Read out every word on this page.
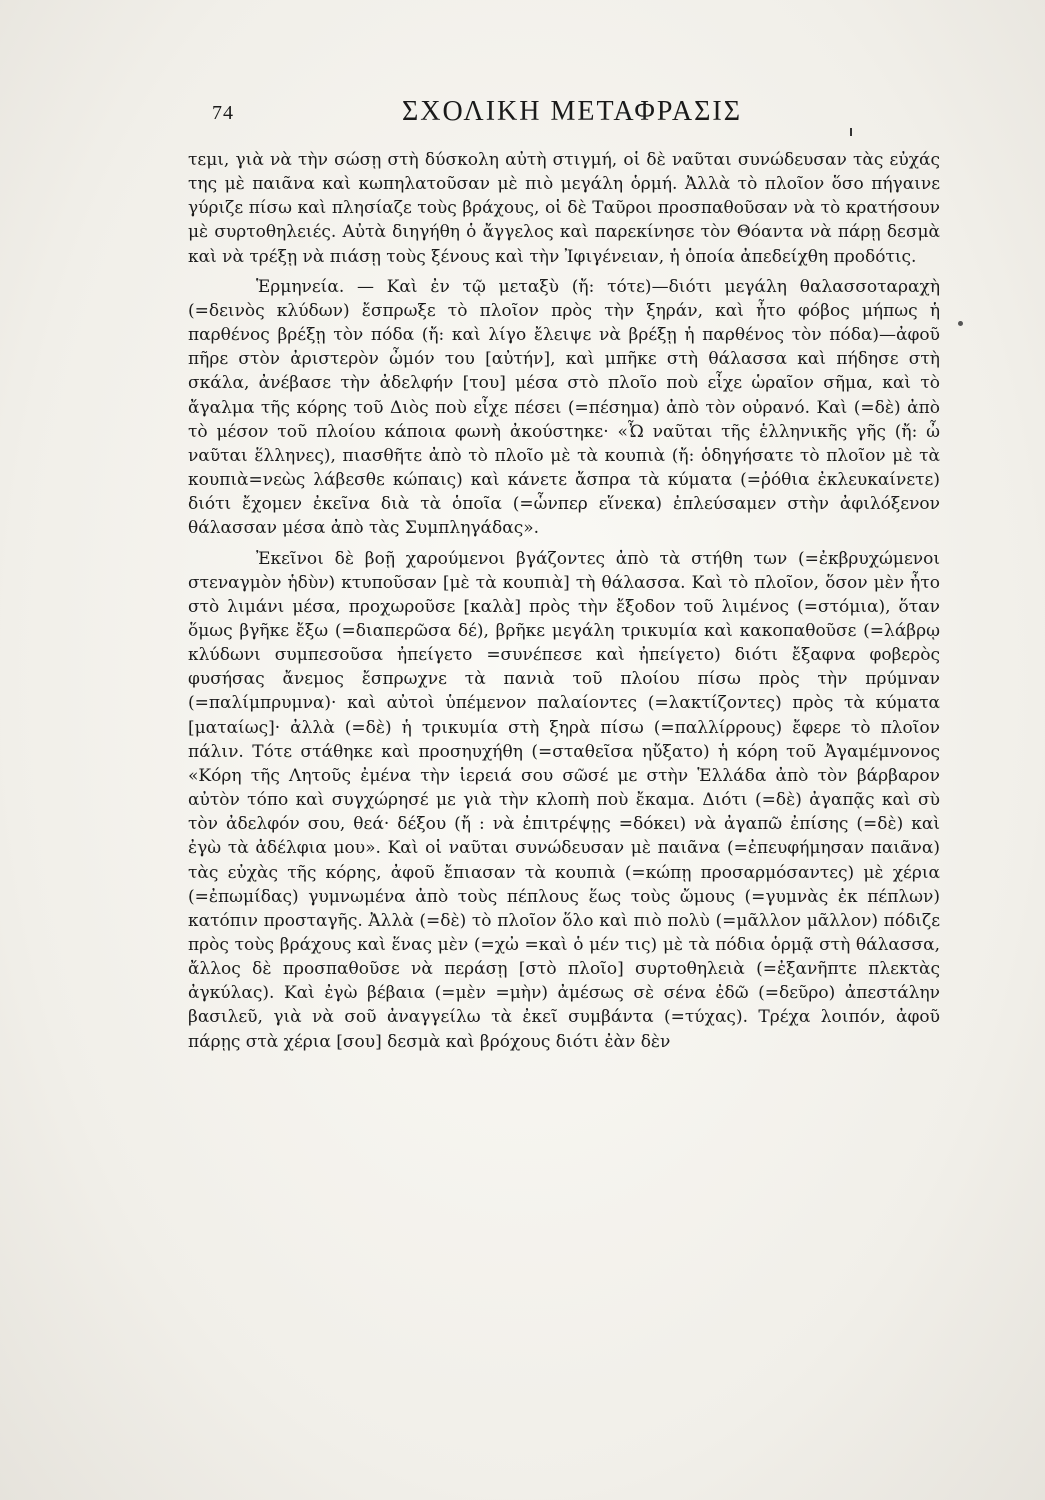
74	ΣΧΟΛΙΚΗ ΜΕΤΑΦΡΑΣΙΣ

τεμι, γιὰ νὰ τὴν σώσῃ στὴ δύσκολη αὐτὴ στιγμή, οἱ δὲ ναῦται συνώδευσαν τὰς εὐχάς της μὲ παιᾶνα καὶ κωπηλατοῦσαν μὲ πιὸ μεγάλη ὁρμή. Ἀλλὰ τὸ πλοῖον ὅσο πήγαινε γύριζε πίσω καὶ πλησίαζε τοὺς βράχους, οἱ δὲ Ταῦροι προσπαθοῦσαν νὰ τὸ κρατήσουν μὲ συρτοθηλειές. Αὐτὰ διηγήθη ὁ ἄγγελος καὶ παρεκίνησε τὸν Θόαντα νὰ πάρῃ δεσμὰ καὶ νὰ τρέξῃ νὰ πιάσῃ τοὺς ξένους καὶ τὴν Ἰφιγένειαν, ἡ ὁποία ἀπεδείχθη προδότις.

Ἑρμηνεία. — Καὶ ἐν τῷ μεταξὺ (ἤ: τότε)—διότι μεγάλη θαλασσοταραχὴ (=δεινὸς κλύδων) ἔσπρωξε τὸ πλοῖον πρὸς τὴν ξηράν, καὶ ἦτο φόβος μήπως ἡ παρθένος βρέξῃ τὸν πόδα (ἤ: καὶ λίγο ἔλειψε νὰ βρέξῃ ἡ παρθένος τὸν πόδα)—ἀφοῦ πῆρε στὸν ἀριστερὸν ὦμόν του [αὐτήν], καὶ μπῆκε στὴ θάλασσα καὶ πήδησε στὴ σκάλα, ἀνέβασε τὴν ἀδελφήν [του] μέσα στὸ πλοῖο ποὺ εἶχε ὡραῖον σῆμα, καὶ τὸ ἄγαλμα τῆς κόρης τοῦ Διὸς ποὺ εἶχε πέσει (=πέσημα) ἀπὸ τὸν οὐρανό. Καὶ (=δὲ) ἀπὸ τὸ μέσον τοῦ πλοίου κάποια φωνὴ ἀκούστηκε· «Ὦ ναῦται τῆς ἑλληνικῆς γῆς (ἤ: ὦ ναῦται ἕλληνες), πιασθῆτε ἀπὸ τὸ πλοῖο μὲ τὰ κουπιὰ (ἤ: ὁδηγήσατε τὸ πλοῖον μὲ τὰ κουπιὰ=νεὼς λάβεσθε κώπαις) καὶ κάνετε ἄσπρα τὰ κύματα (=ῥόθια ἐκλευκαίνετε) διότι ἔχομεν ἐκεῖνα διὰ τὰ ὁποῖα (=ὧνπερ εἵνεκα) ἐπλεύσαμεν στὴν ἀφιλόξενον θάλασσαν μέσα ἀπὸ τὰς Συμπληγάδας».

Ἐκεῖνοι δὲ βοῇ χαρούμενοι βγάζοντες ἀπὸ τὰ στήθη των (=ἐκβρυχώμενοι στεναγμὸν ἡδὺν) κτυποῦσαν [μὲ τὰ κουπιὰ] τὴ θάλασσα. Καὶ τὸ πλοῖον, ὅσον μὲν ἦτο στὸ λιμάνι μέσα, προχωροῦσε [καλὰ] πρὸς τὴν ἔξοδον τοῦ λιμένος (=στόμια), ὅταν ὅμως βγῆκε ἔξω (=διαπερῶσα δέ), βρῆκε μεγάλη τρικυμία καὶ κακοπαθοῦσε (=λάβρῳ κλύδωνι συμπεσοῦσα ἠπείγετο =συνέπεσε καὶ ἠπείγετο) διότι ἔξαφνα φοβερὸς φυσήσας ἄνεμος ἔσπρωχνε τὰ πανιὰ τοῦ πλοίου πίσω πρὸς τὴν πρύμναν (=παλίμπρυμνα)· καὶ αὐτοὶ ὑπέμενον παλαίοντες (=λακτίζοντες) πρὸς τὰ κύματα [ματαίως]· ἀλλὰ (=δὲ) ἡ τρικυμία στὴ ξηρὰ πίσω (=παλλίρρους) ἔφερε τὸ πλοῖον πάλιν. Τότε στάθηκε καὶ προσηυχήθη (=σταθεῖσα ηὔξατο) ἡ κόρη τοῦ Ἀγαμέμνονος «Κόρη τῆς Λητοῦς ἐμένα τὴν ἱερειά σου σῶσέ με στὴν Ἑλλάδα ἀπὸ τὸν βάρβαρον αὐτὸν τόπο καὶ συγχώρησέ με γιὰ τὴν κλοπὴ ποὺ ἔκαμα. Διότι (=δὲ) ἀγαπᾷς καὶ σὺ τὸν ἀδελφόν σου, θεά· δέξου (ἤ : νὰ ἐπιτρέψῃς =δόκει) νὰ ἀγαπῶ ἐπίσης (=δὲ) καὶ ἐγὼ τὰ ἀδέλφια μου». Καὶ οἱ ναῦται συνώδευσαν μὲ παιᾶνα (=ἐπευφήμησαν παιᾶνα) τὰς εὐχὰς τῆς κόρης, ἀφοῦ ἔπιασαν τὰ κουπιὰ (=κώπῃ προσαρμόσαντες) μὲ χέρια (=ἐπωμίδας) γυμνωμένα ἀπὸ τοὺς πέπλους ἕως τοὺς ὤμους (=γυμνὰς ἐκ πέπλων) κατόπιν προσταγῆς. Ἀλλὰ (=δὲ) τὸ πλοῖον ὅλο καὶ πιὸ πολὺ (=μᾶλλον μᾶλλον) πόδιζε πρὸς τοὺς βράχους καὶ ἕνας μὲν (=χὠ =καὶ ὁ μέν τις) μὲ τὰ πόδια ὁρμᾷ στὴ θάλασσα, ἄλλος δὲ προσπαθοῦσε νὰ περάσῃ [στὸ πλοῖο] συρτοθηλειὰ (=ἐξανῆπτε πλεκτὰς ἀγκύλας). Καὶ ἐγὼ βέβαια (=μὲν =μὴν) ἀμέσως σὲ σένα ἐδῶ (=δεῦρο) ἀπεστάλην βασιλεῦ, γιὰ νὰ σοῦ ἀναγγείλω τὰ ἐκεῖ συμβάντα (=τύχας). Τρέχα λοιπόν, ἀφοῦ πάρῃς στὰ χέρια [σου] δεσμὰ καὶ βρόχους διότι ἐὰν δὲν
